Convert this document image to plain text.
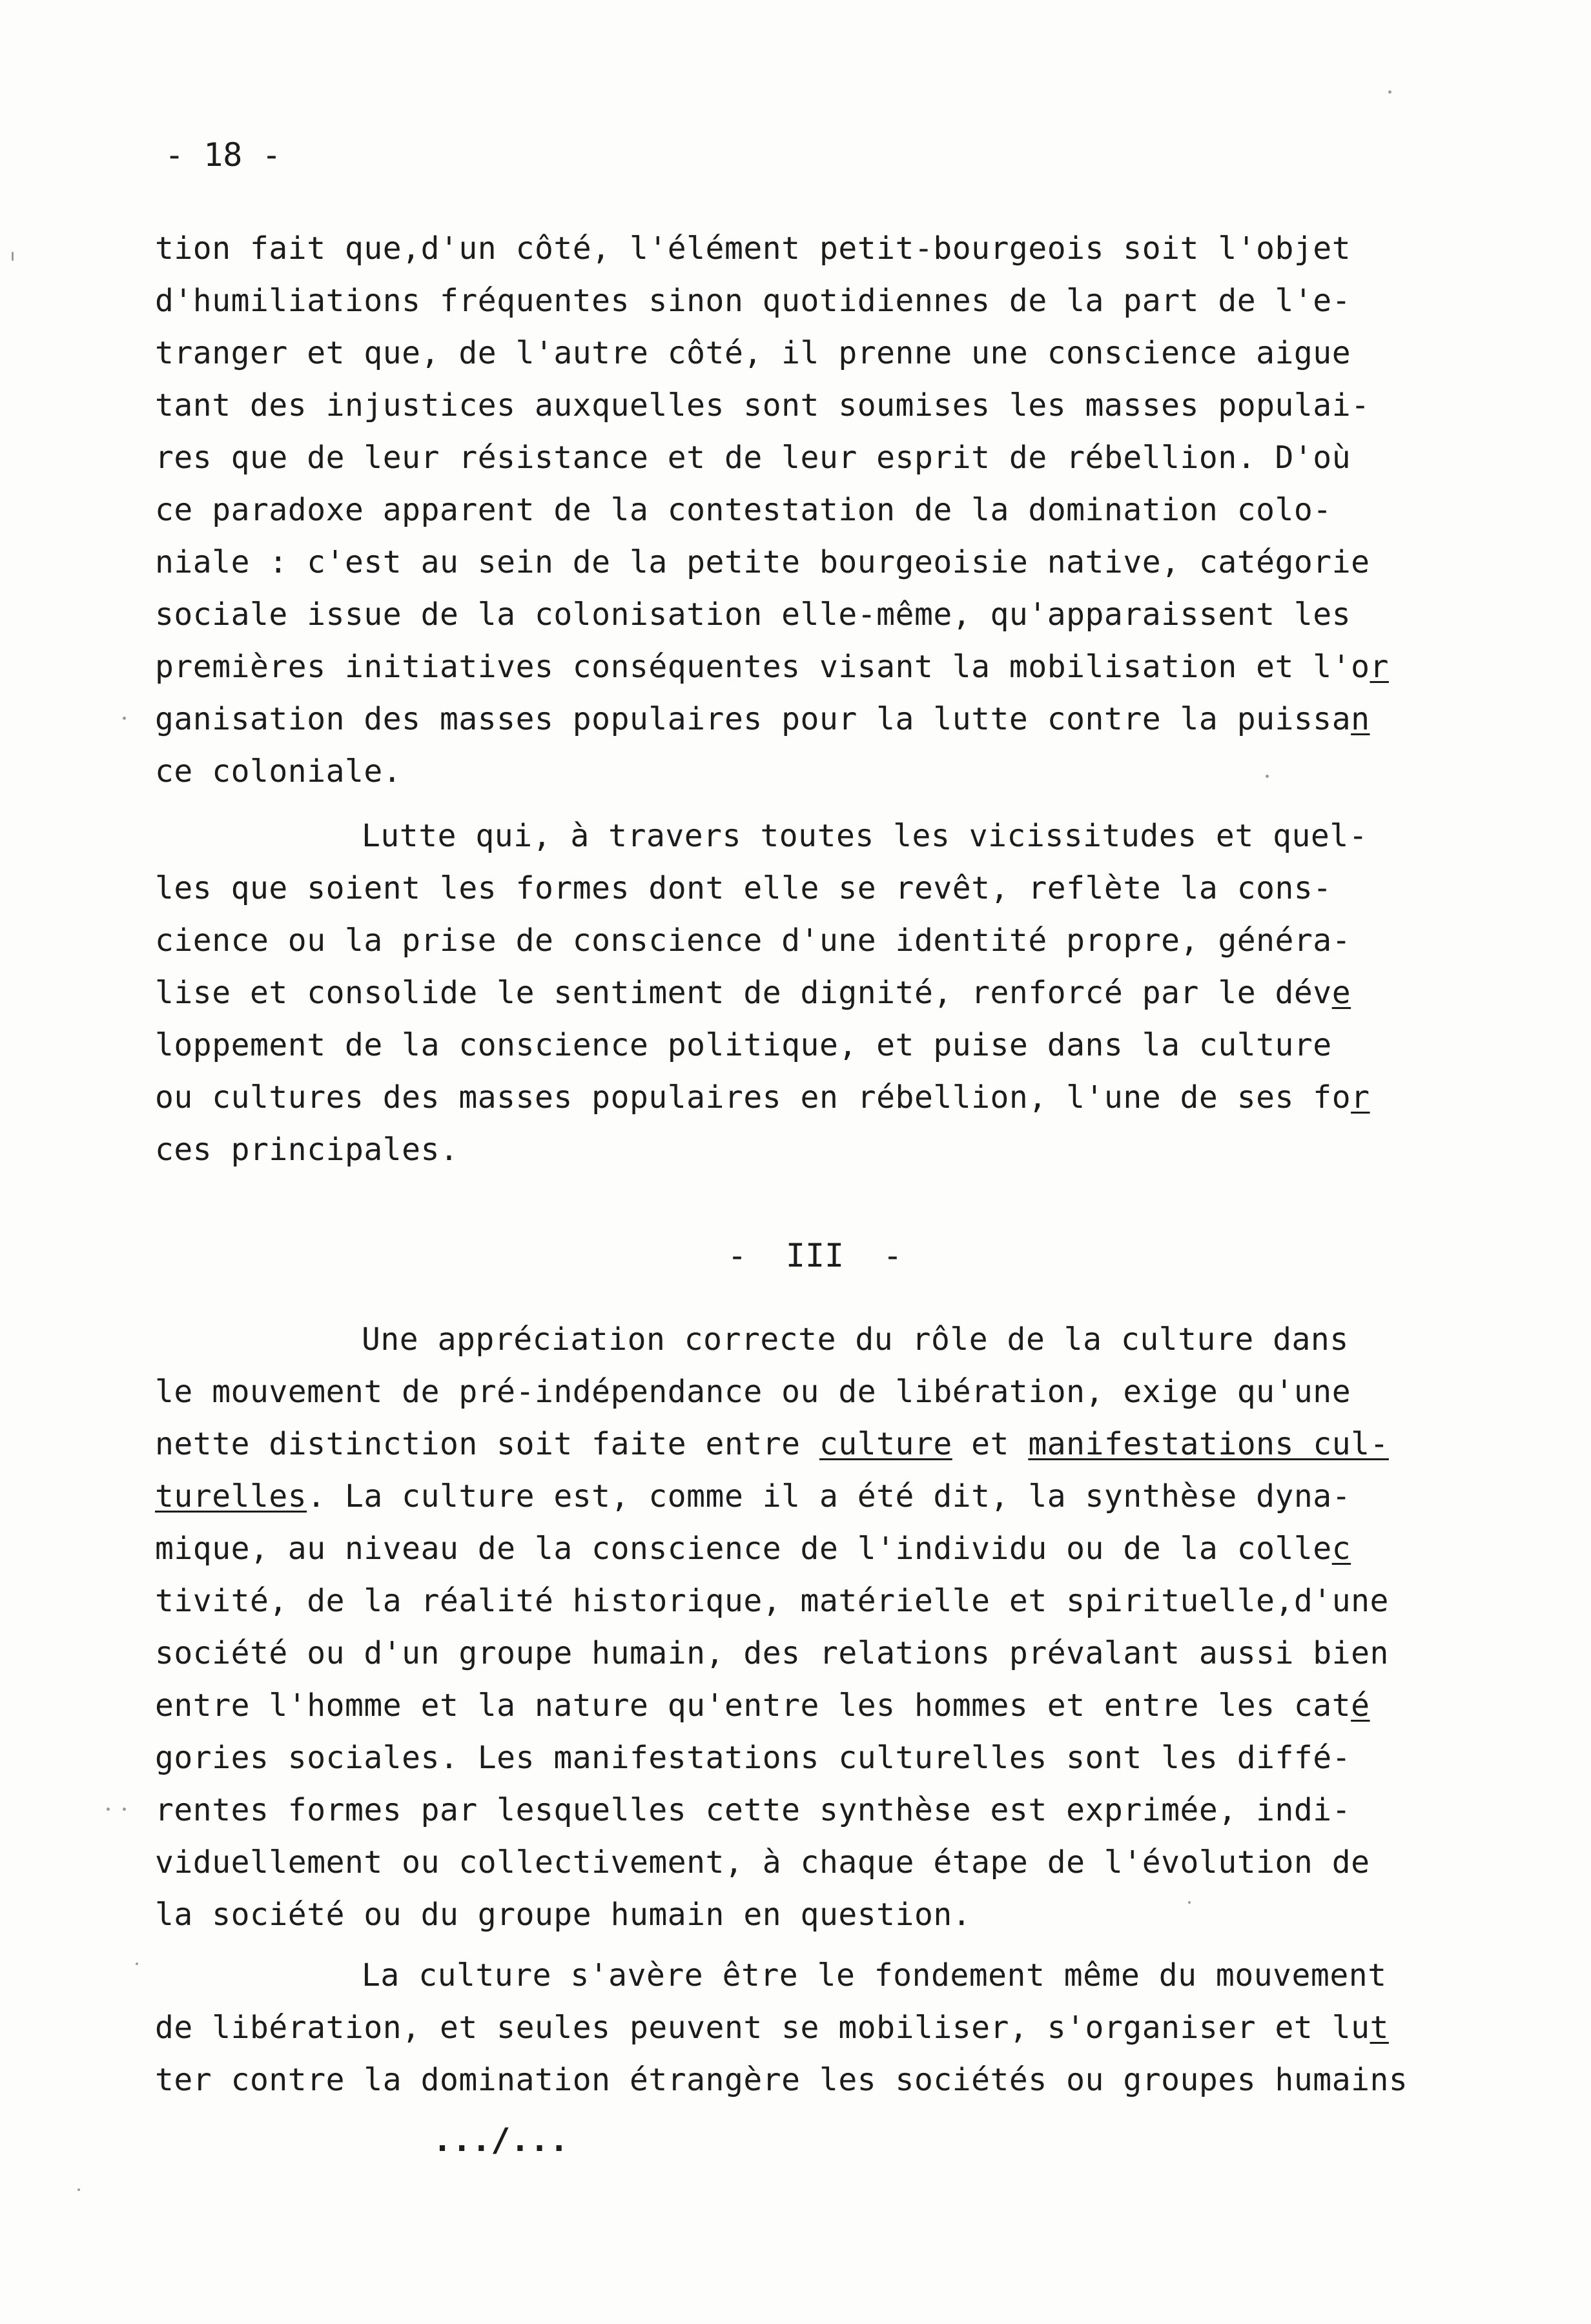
- 18 -
tion fait que,d'un côté, l'élément petit-bourgeois soit l'objet
d'humiliations fréquentes sinon quotidiennes de la part de l'e-
tranger et que, de l'autre côté, il prenne une conscience aigue
tant des injustices auxquelles sont soumises les masses populai-
res que de leur résistance et de leur esprit de rébellion. D'où
ce paradoxe apparent de la contestation de la domination colo-
niale : c'est au sein de la petite bourgeoisie native, catégorie
sociale issue de la colonisation elle-même, qu'apparaissent les
premières initiatives conséquentes visant la mobilisation et l'or
ganisation des masses populaires pour la lutte contre la puissan
ce coloniale.
Lutte qui, à travers toutes les vicissitudes et quel-
les que soient les formes dont elle se revêt, reflète la cons-
cience ou la prise de conscience d'une identité propre, généra-
lise et consolide le sentiment de dignité, renforcé par le déve
loppement de la conscience politique, et puise dans la culture
ou cultures des masses populaires en rébellion, l'une de ses for
ces principales.
-  III  -
Une appréciation correcte du rôle de la culture dans
le mouvement de pré-indépendance ou de libération, exige qu'une
nette distinction soit faite entre culture et manifestations cul-
turelles. La culture est, comme il a été dit, la synthèse dyna-
mique, au niveau de la conscience de l'individu ou de la collec
tivité, de la réalité historique, matérielle et spirituelle,d'une
société ou d'un groupe humain, des relations prévalant aussi bien
entre l'homme et la nature qu'entre les hommes et entre les caté
gories sociales. Les manifestations culturelles sont les diffé-
rentes formes par lesquelles cette synthèse est exprimée, indi-
viduellement ou collectivement, à chaque étape de l'évolution de
la société ou du groupe humain en question.
La culture s'avère être le fondement même du mouvement
de libération, et seules peuvent se mobiliser, s'organiser et lut
ter contre la domination étrangère les sociétés ou groupes humains
.../...
